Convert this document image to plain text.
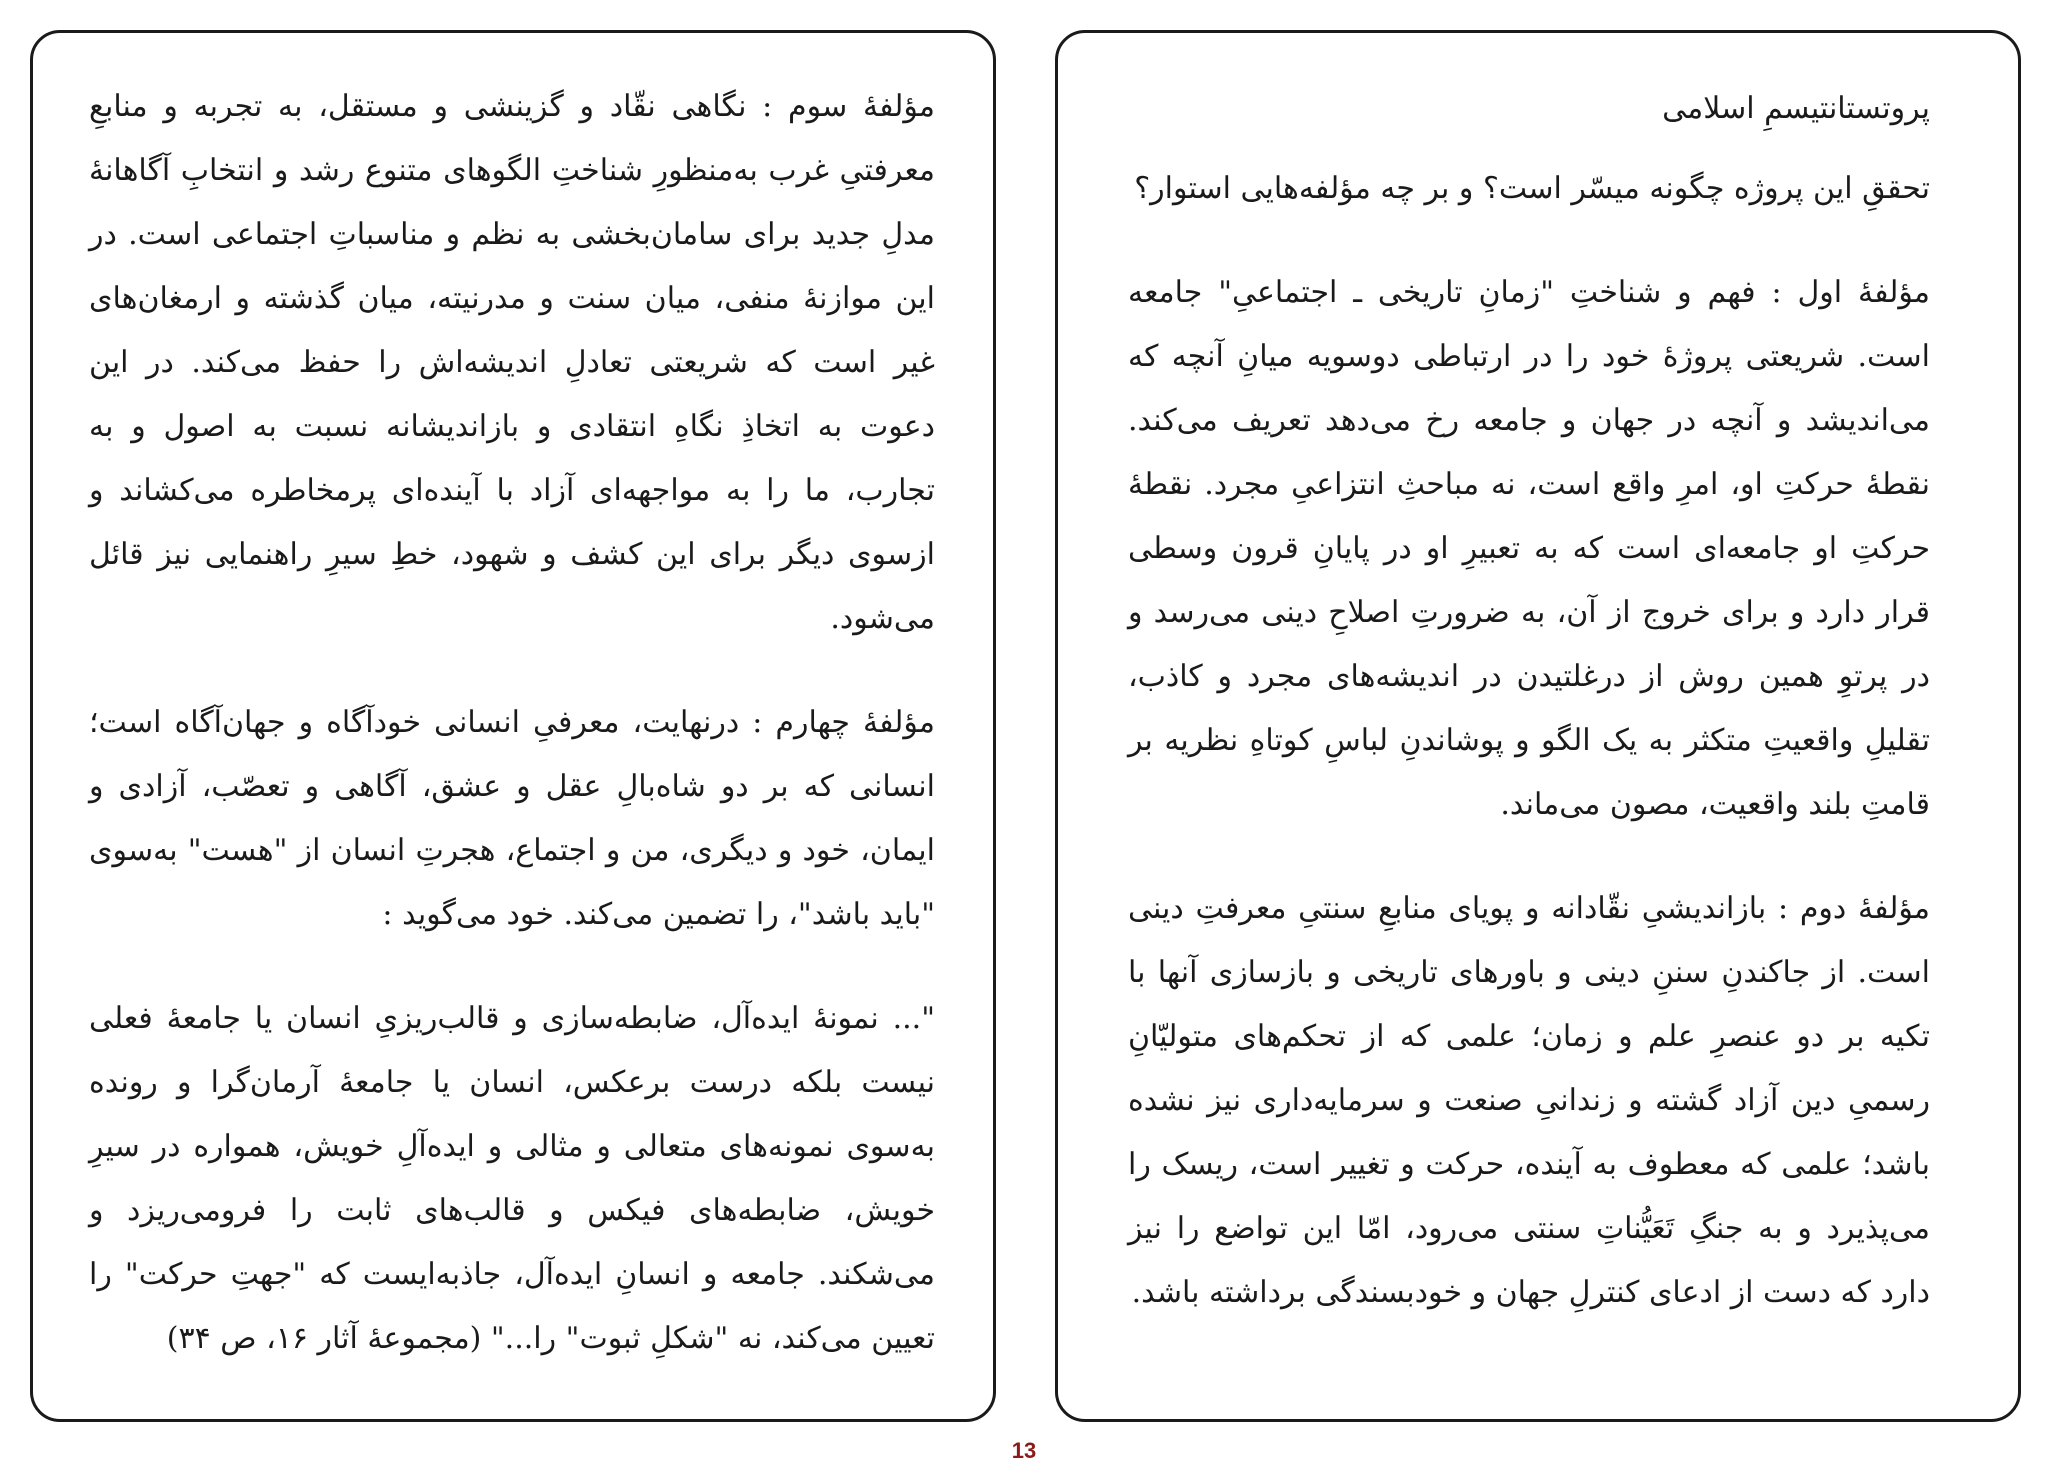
مؤلفهٔ سوم : نگاهی نقّاد و گزینشی و مستقل، به تجربه و منابعِ معرفتیِ غرب به‌منظورِ شناختِ الگوهای متنوع رشد و انتخابِ آگاهانهٔ مدلِ جدید برای سامان‌بخشی به نظم و مناسباتِ اجتماعی است. در این موازنهٔ منفی، میان سنت و مدرنیته، میان گذشته و ارمغان‌های غیر است که شریعتی تعادلِ اندیشه‌اش را حفظ می‌کند. در این دعوت به اتخاذِ نگاهِ انتقادی و بازاندیشانه نسبت به اصول و به تجارب، ما را به مواجهه‌ای آزاد با آینده‌ای پرمخاطره می‌کشاند و ازسوی دیگر برای این کشف و شهود، خطِ سیرِ راهنمایی نیز قائل می‌شود.

مؤلفهٔ چهارم : درنهایت، معرفیِ انسانی خودآگاه و جهان‌آگاه است؛ انسانی که بر دو شاه‌بالِ عقل و عشق، آگاهی و تعصّب، آزادی و ایمان، خود و دیگری، من و اجتماع، هجرتِ انسان از "هست" به‌سوی "باید باشد"، را تضمین می‌کند. خود می‌گوید :

"... نمونهٔ ایده‌آل، ضابطه‌سازی و قالب‌ریزیِ انسان یا جامعهٔ فعلی نیست بلکه درست برعکس، انسان یا جامعهٔ آرمان‌گرا و رونده به‌سوی نمونه‌های متعالی و مثالی و ایده‌آلِ خویش، همواره در سیرِ خویش، ضابطه‌های فیکس و قالب‌های ثابت را فرومی‌ریزد و می‌شکند. جامعه و انسانِ ایده‌آل، جاذبه‌ایست که "جهتِ حرکت" را تعیین می‌کند، نه "شکلِ ثبوت" را..." (مجموعهٔ آثار ۱۶، ص ۳۴)

پروتستانتیسمِ اسلامی

تحققِ این پروژه چگونه میسّر است؟ و بر چه مؤلفه‌هایی استوار؟

مؤلفهٔ اول : فهم و شناختِ "زمانِ تاریخی ـ اجتماعیِ" جامعه است. شریعتی پروژهٔ خود را در ارتباطی دوسویه میانِ آنچه که می‌اندیشد و آنچه در جهان و جامعه رخ می‌دهد تعریف می‌کند. نقطهٔ حرکتِ او، امرِ واقع است، نه مباحثِ انتزاعیِ مجرد. نقطهٔ حرکتِ او جامعه‌ای است که به تعبیرِ او در پایانِ قرون وسطی قرار دارد و برای خروج از آن، به ضرورتِ اصلاحِ دینی می‌رسد و در پرتوِ همین روش از درغلتیدن در اندیشه‌های مجرد و کاذب، تقلیلِ واقعیتِ متکثر به یک الگو و پوشاندنِ لباسِ کوتاهِ نظریه بر قامتِ بلند واقعیت، مصون می‌ماند.

مؤلفهٔ دوم : بازاندیشیِ نقّادانه و پویای منابعِ سنتیِ معرفتِ دینی است. از جاکندنِ سننِ دینی و باورهای تاریخی و بازسازی آنها با تکیه بر دو عنصرِ علم و زمان؛ علمی که از تحکم‌های متولیّانِ رسمیِ دین آزاد گشته و زندانیِ صنعت و سرمایه‌داری نیز نشده باشد؛ علمی که معطوف به آینده، حرکت و تغییر است، ریسک را می‌پذیرد و به جنگِ تَعَیُّناتِ سنتی می‌رود، امّا این تواضع را نیز دارد که دست از ادعای کنترلِ جهان و خودبسندگی برداشته باشد.

13
